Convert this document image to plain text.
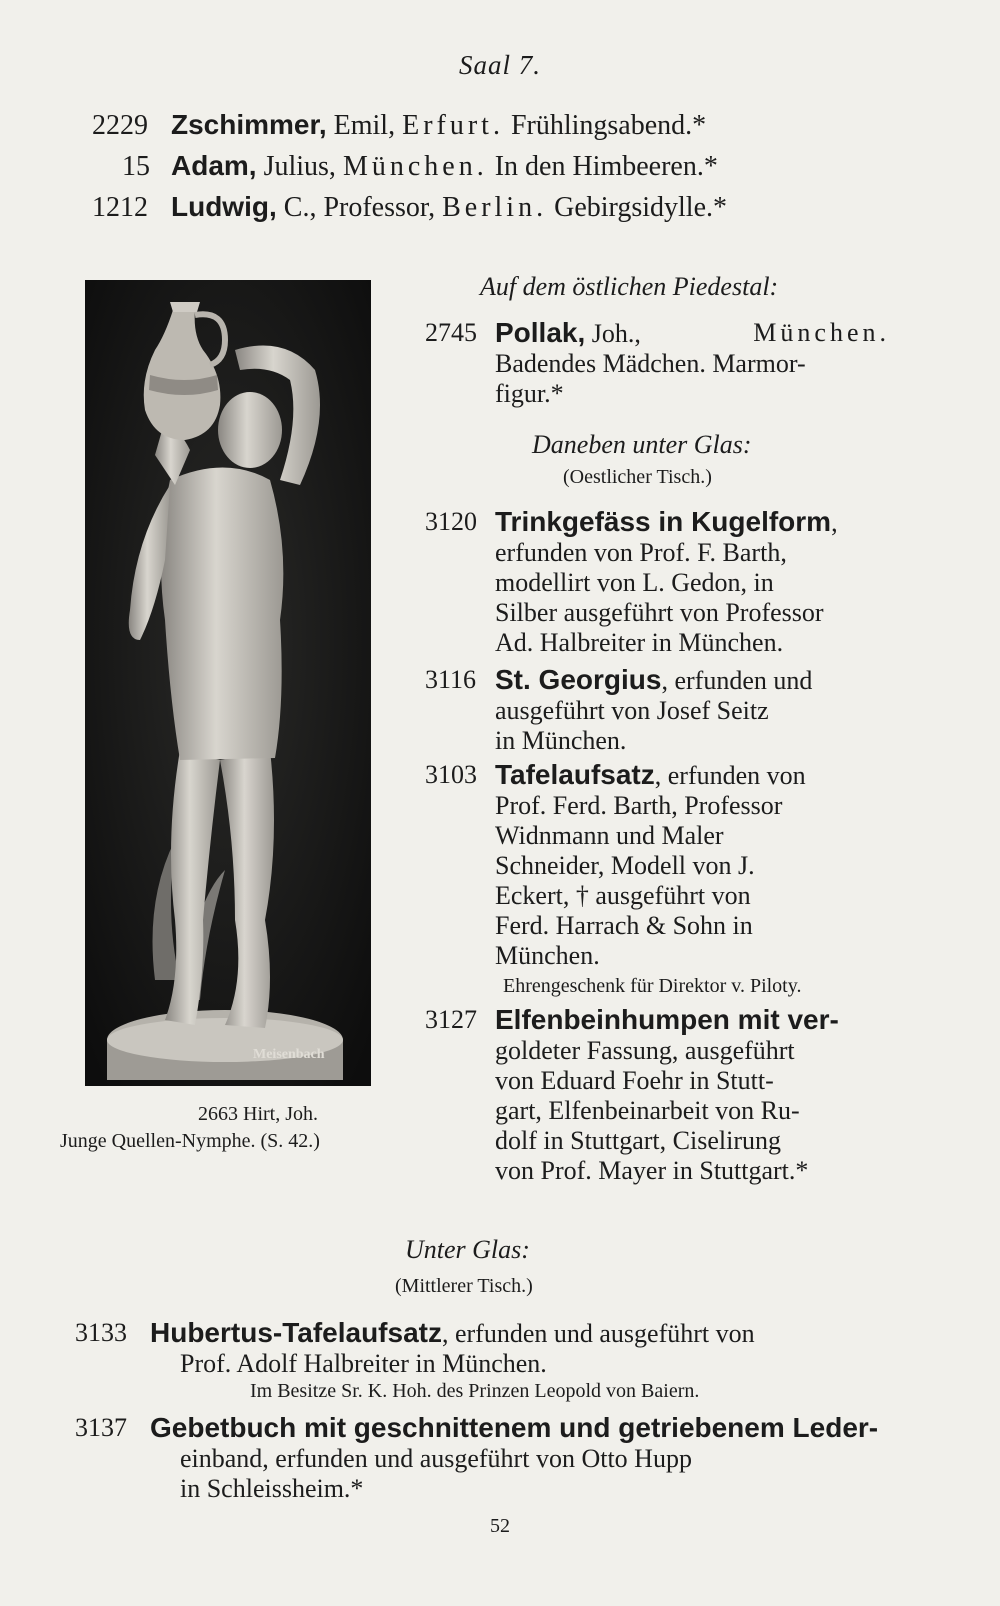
Saal 7.
2229 Zschimmer, Emil, Erfurt. Frühlingsabend.*
15 Adam, Julius, München. In den Himbeeren.*
1212 Ludwig, C., Professor, Berlin. Gebirgsidylle.*
Meisenbach
2663 Hirt, Joh.
Junge Quellen-Nymphe. (S. 42.)
Auf dem östlichen Piedestal:
2745 Pollak, Joh.,	München.
Badendes Mädchen. Marmor-
figur.*
Daneben unter Glas:
(Oestlicher Tisch.)
3120 Trinkgefäss in Kugelform,
erfunden von Prof. F. Barth,
modellirt von L. Gedon, in
Silber ausgeführt von Professor
Ad. Halbreiter in München.
3116 St. Georgius, erfunden und
ausgeführt von Josef Seitz
in München.
3103 Tafelaufsatz, erfunden von
Prof. Ferd. Barth, Professor
Widnmann und Maler
Schneider, Modell von J.
Eckert, † ausgeführt von
Ferd. Harrach & Sohn in
München.
Ehrengeschenk für Direktor v. Piloty.
3127 Elfenbeinhumpen mit ver-
goldeter Fassung, ausgeführt
von Eduard Foehr in Stutt-
gart, Elfenbeinarbeit von Ru-
dolf in Stuttgart, Ciselirung
von Prof. Mayer in Stuttgart.*
Unter Glas:
(Mittlerer Tisch.)
3133 Hubertus-Tafelaufsatz, erfunden und ausgeführt von
Prof. Adolf Halbreiter in München.
Im Besitze Sr. K. Hoh. des Prinzen Leopold von Baiern.
3137 Gebetbuch mit geschnittenem und getriebenem Leder-
einband, erfunden und ausgeführt von Otto Hupp
in Schleissheim.*
52
